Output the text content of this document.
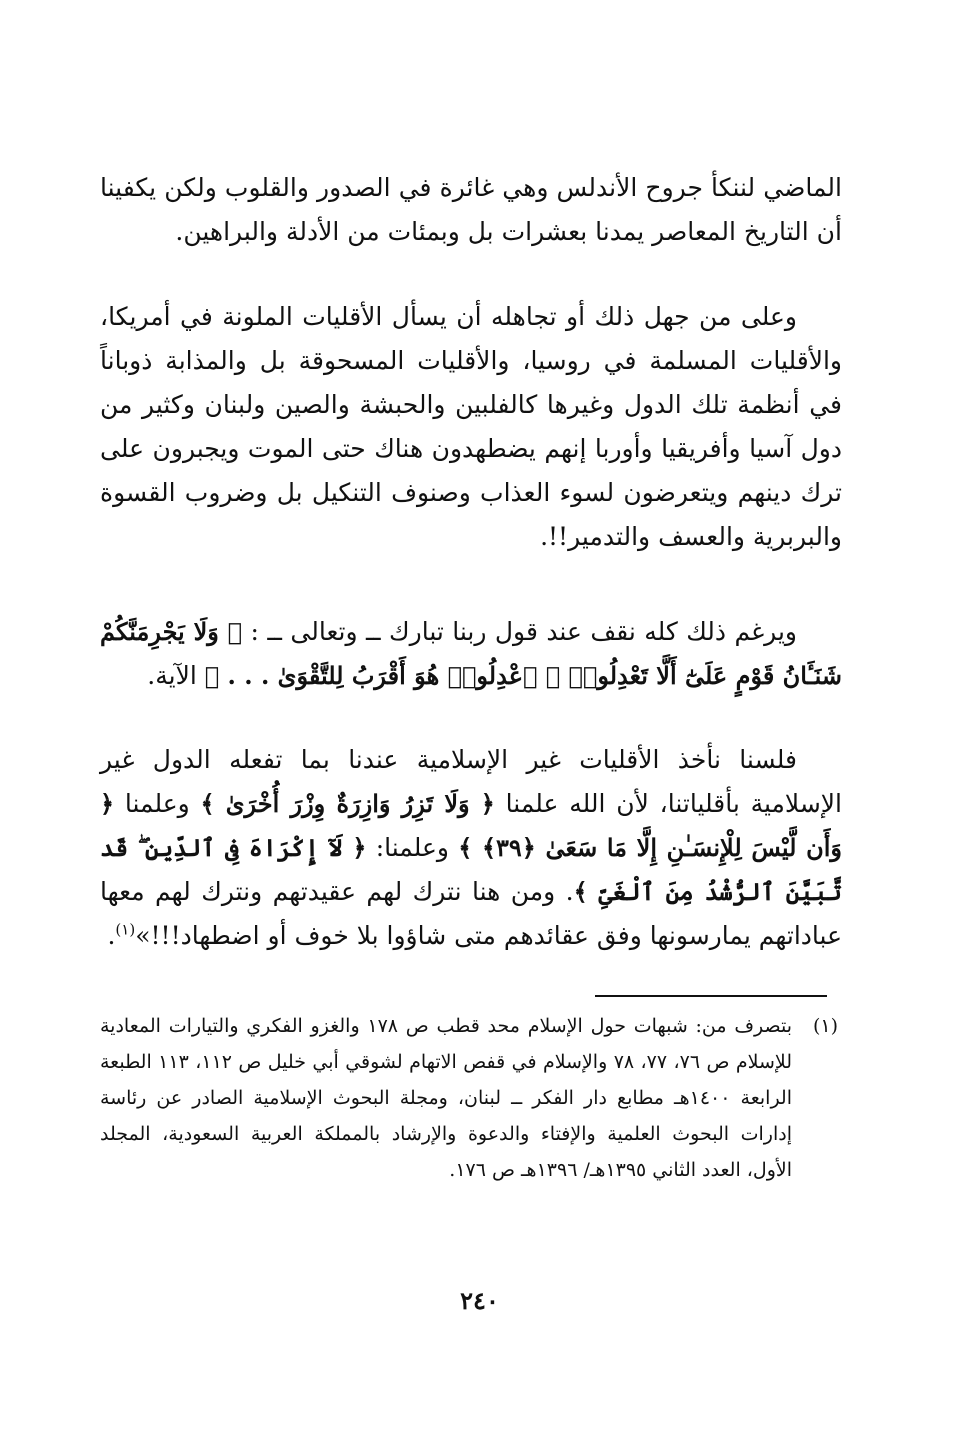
الماضي لننكأ جروح الأندلس وهي غائرة في الصدور والقلوب ولكن يكفينا أن التاريخ المعاصر يمدنا بعشرات بل وبمئات من الأدلة والبراهين.

وعلى من جهل ذلك أو تجاهله أن يسأل الأقليات الملونة في أمريكا، والأقليات المسلمة في روسيا، والأقليات المسحوقة بل والمذابة ذوباناً في أنظمة تلك الدول وغيرها كالفلبين والحبشة والصين ولبنان وكثير من دول آسيا وأفريقيا وأوربا إنهم يضطهدون هناك حتى الموت ويجبرون على ترك دينهم ويتعرضون لسوء العذاب وصنوف التنكيل بل وضروب القسوة والبربرية والعسف والتدمير!!.

ويرغم ذلك كله نقف عند قول ربنا تبارك ــ وتعالى ــ : ﴿ وَلَا يَجْرِمَنَّكُمْ شَنَـَٔانُ قَوْمٍ عَلَىٰٓ أَلَّا تَعْدِلُوا۟ ۚ ٱعْدِلُوا۟ هُوَ أَقْرَبُ لِلتَّقْوَىٰ . . . ﴾ الآية.

فلسنا نأخذ الأقليات غير الإسلامية عندنا بما تفعله الدول غير الإسلامية بأقلياتنا، لأن الله علمنا ﴿ وَلَا تَزِرُ وَازِرَةٌ وِزْرَ أُخْرَىٰ ﴾ وعلمنا ﴿ وَأَن لَّيْسَ لِلْإِنسَـٰنِ إِلَّا مَا سَعَىٰ ﴿٣٩﴾ ﴾ وعلمنا: ﴿ لَآ إِكْرَاهَ فِى ٱلدِّينِ ۖ قَد تَّبَيَّنَ ٱلرُّشْدُ مِنَ ٱلْغَىِّ ﴾. ومن هنا نترك لهم عقيدتهم ونترك لهم معها عباداتهم يمارسونها وفق عقائدهم متى شاؤوا بلا خوف أو اضطهاد!!!»$^{(١)}$.

(١)
بتصرف من: شبهات حول الإسلام محد قطب ص ١٧٨ والغزو الفكري والتيارات المعادية للإسلام ص ٧٦، ٧٧، ٧٨ والإسلام في قفص الاتهام لشوقي أبي خليل ص ١١٢، ١١٣ الطبعة الرابعة ١٤٠٠هـ مطابع دار الفكر ــ لبنان، ومجلة البحوث الإسلامية الصادر عن رئاسة إدارات البحوث العلمية والإفتاء والدعوة والإرشاد بالمملكة العربية السعودية، المجلد الأول، العدد الثاني ١٣٩٥هـ/ ١٣٩٦هـ ص ١٧٦.
٢٤٠
